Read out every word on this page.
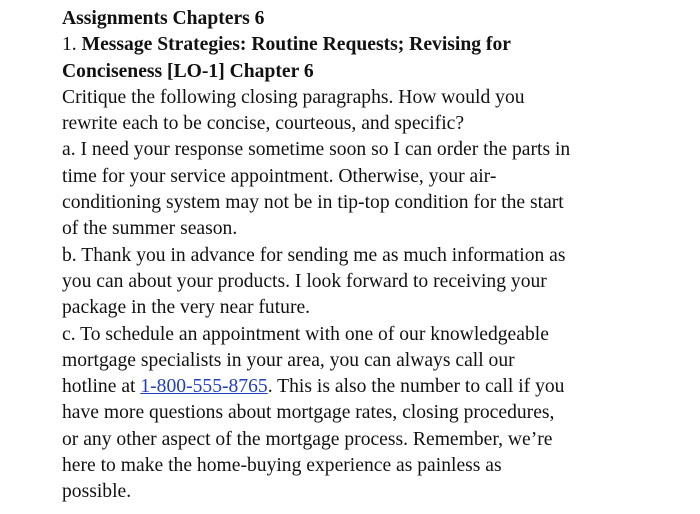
Assignments Chapters 6
1. Message Strategies: Routine Requests; Revising for
Conciseness [LO-1] Chapter 6
Critique the following closing paragraphs. How would you
rewrite each to be concise, courteous, and specific?
a. I need your response sometime soon so I can order the parts in
time for your service appointment. Otherwise, your air-
conditioning system may not be in tip-top condition for the start
of the summer season.
b. Thank you in advance for sending me as much information as
you can about your products. I look forward to receiving your
package in the very near future.
c. To schedule an appointment with one of our knowledgeable
mortgage specialists in your area, you can always call our
hotline at 1-800-555-8765. This is also the number to call if you
have more questions about mortgage rates, closing procedures,
or any other aspect of the mortgage process. Remember, we’re
here to make the home-buying experience as painless as
possible.
